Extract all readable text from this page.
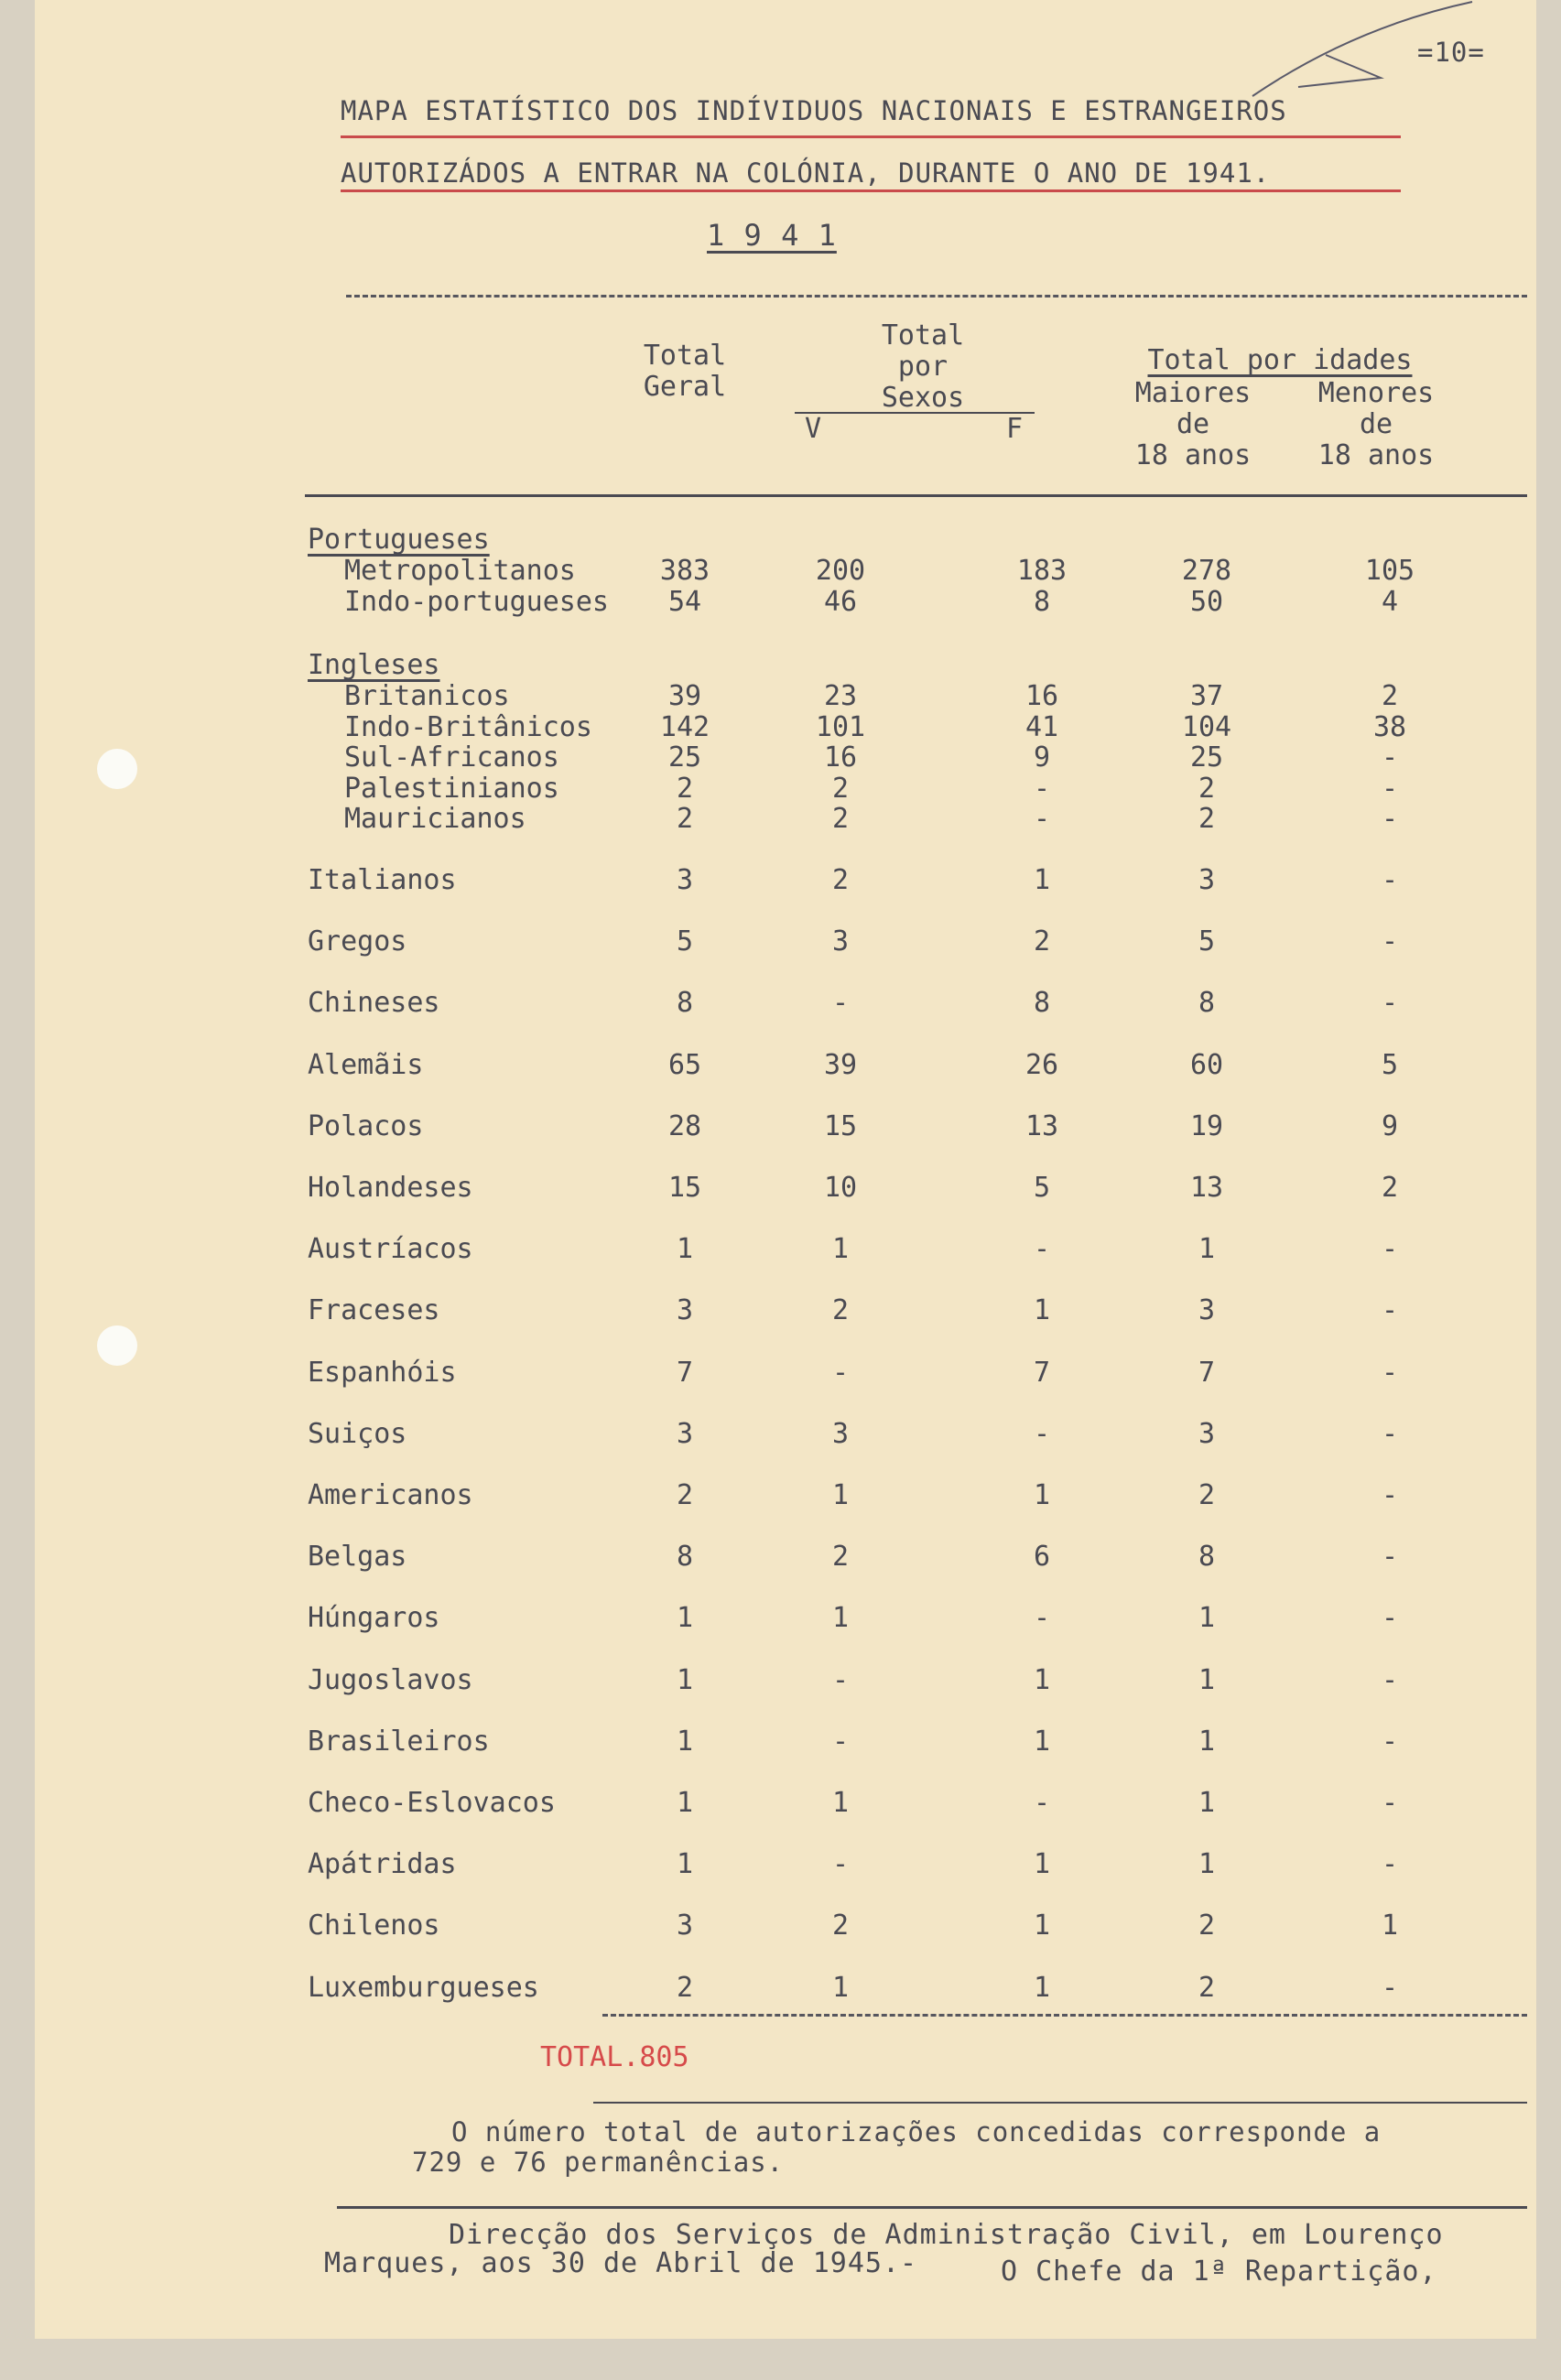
=10=
MAPA ESTATÍSTICO DOS INDÍVIDUOS NACIONAIS E ESTRANGEIROS
AUTORIZÁDOS A ENTRAR NA COLÓNIA, DURANTE O ANO DE 1941.
1 9 4 1
Total
Geral
Total
por
Sexos
V	F
Total por idades
Maiores
de
18 anos
Menores
de
18 anos
Portugueses
Metropolitanos	383	200	183	278	105
Indo-portugueses	54	46	8	50	4
Ingleses
Britanicos	39	23	16	37	2
Indo-Britânicos	142	101	41	104	38
Sul-Africanos	25	16	9	25	-
Palestinianos	2	2	-	2	-
Mauricianos	2	2	-	2	-
Italianos	3	2	1	3	-
Gregos	5	3	2	5	-
Chineses	8	-	8	8	-
Alemãis	65	39	26	60	5
Polacos	28	15	13	19	9
Holandeses	15	10	5	13	2
Austríacos	1	1	-	1	-
Fraceses	3	2	1	3	-
Espanhóis	7	-	7	7	-
Suiços	3	3	-	3	-
Americanos	2	1	1	2	-
Belgas	8	2	6	8	-
Húngaros	1	1	-	1	-
Jugoslavos	1	-	1	1	-
Brasileiros	1	-	1	1	-
Checo-Eslovacos	1	1	-	1	-
Apátridas	1	-	1	1	-
Chilenos	3	2	1	2	1
Luxemburgueses	2	1	1	2	-
TOTAL.805
O número total de autorizações concedidas corresponde a
729 e 76 permanências.
Direcção dos Serviços de Administração Civil, em Lourenço
Marques, aos 30 de Abril de 1945.-	O Chefe da 1ª Repartição,
